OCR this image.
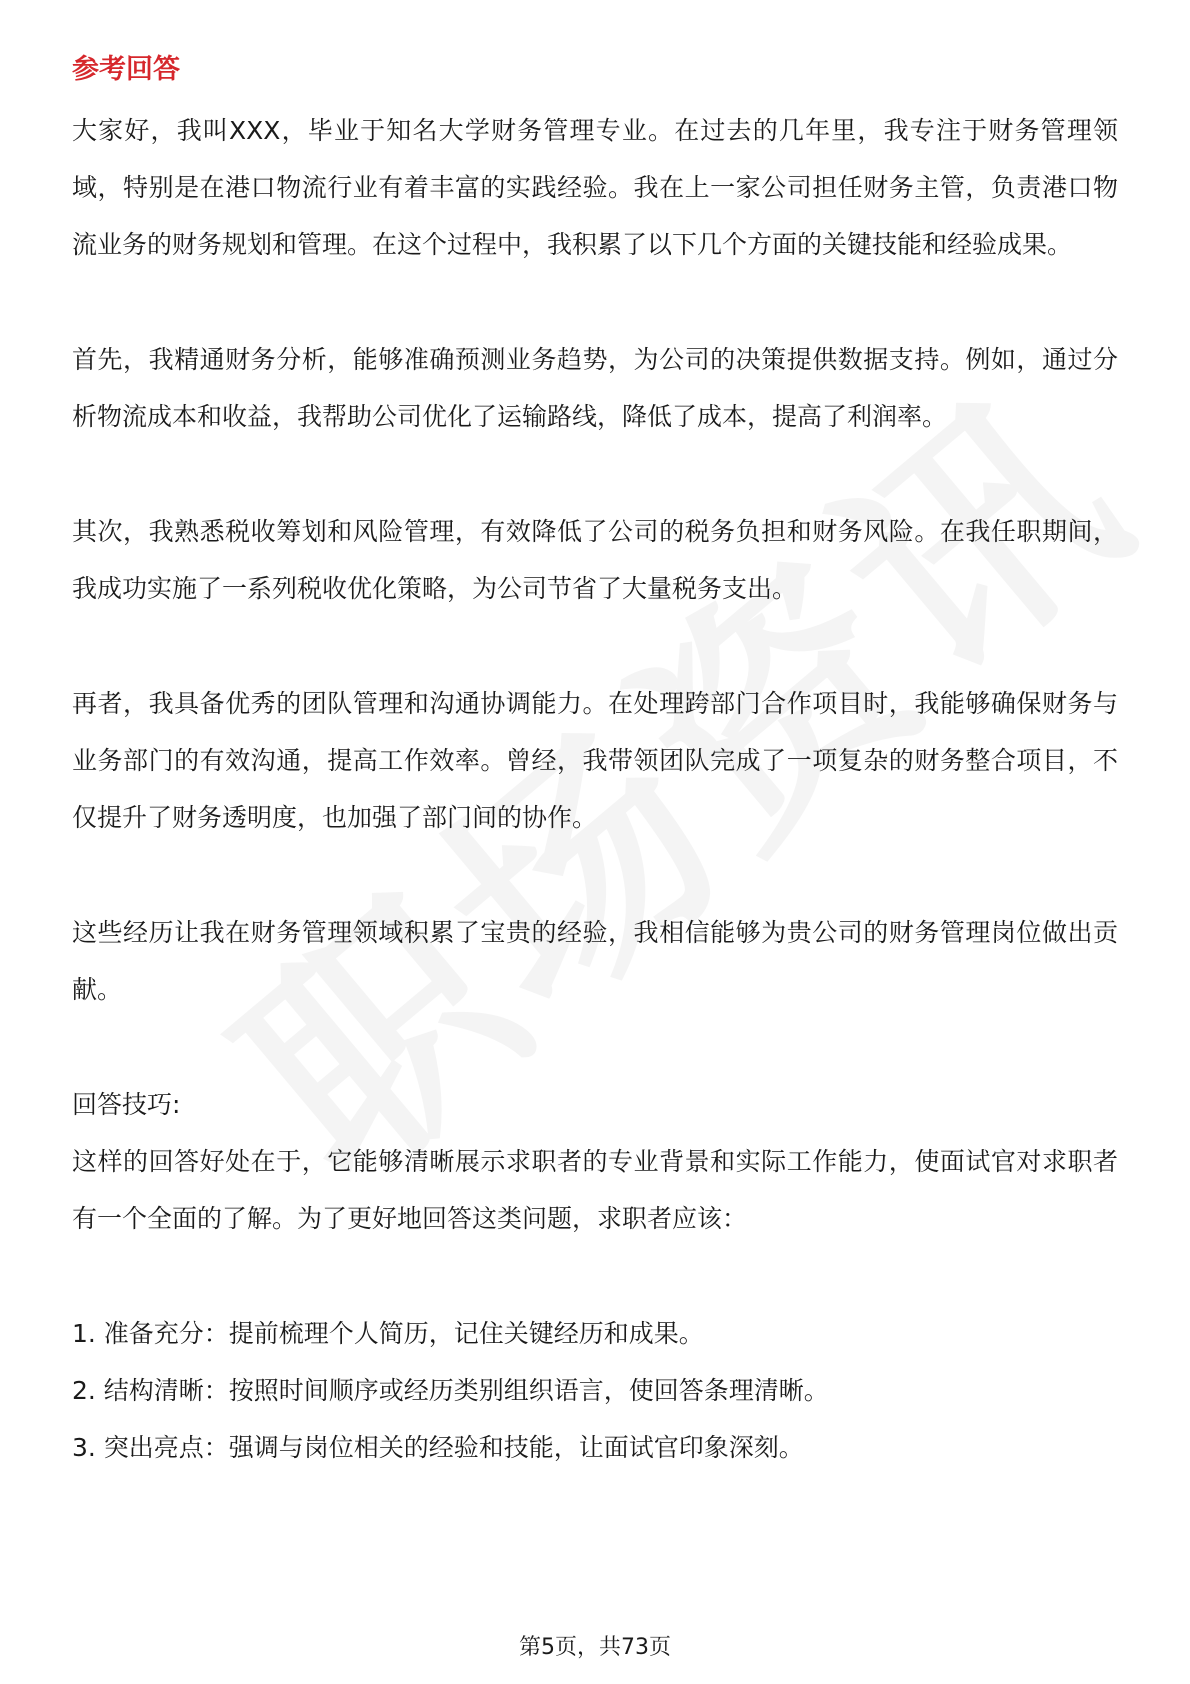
参考回答

大家好，我叫XXX，毕业于知名大学财务管理专业。在过去的几年里，我专注于财务管理领域，特别是在港口物流行业有着丰富的实践经验。我在上一家公司担任财务主管，负责港口物流业务的财务规划和管理。在这个过程中，我积累了以下几个方面的关键技能和经验成果。

首先，我精通财务分析，能够准确预测业务趋势，为公司的决策提供数据支持。例如，通过分析物流成本和收益，我帮助公司优化了运输路线，降低了成本，提高了利润率。

其次，我熟悉税收筹划和风险管理，有效降低了公司的税务负担和财务风险。在我任职期间，我成功实施了一系列税收优化策略，为公司节省了大量税务支出。

再者，我具备优秀的团队管理和沟通协调能力。在处理跨部门合作项目时，我能够确保财务与业务部门的有效沟通，提高工作效率。曾经，我带领团队完成了一项复杂的财务整合项目，不仅提升了财务透明度，也加强了部门间的协作。

这些经历让我在财务管理领域积累了宝贵的经验，我相信能够为贵公司的财务管理岗位做出贡献。

回答技巧:

这样的回答好处在于，它能够清晰展示求职者的专业背景和实际工作能力，使面试官对求职者有一个全面的了解。为了更好地回答这类问题，求职者应该：

1. 准备充分：提前梳理个人简历，记住关键经历和成果。

2. 结构清晰：按照时间顺序或经历类别组织语言，使回答条理清晰。

3. 突出亮点：强调与岗位相关的经验和技能，让面试官印象深刻。

第5页，共73页
